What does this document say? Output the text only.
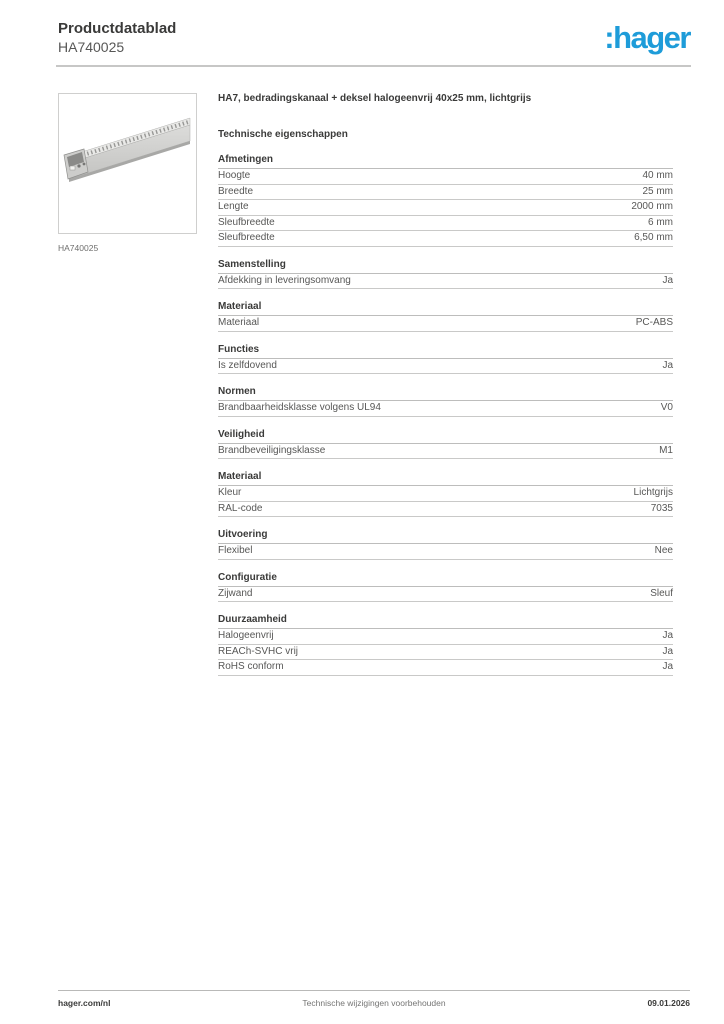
Productdatablad
HA740025	:hager
HA740025
HA7, bedradingskanaal + deksel halogeenvrij 40x25 mm, lichtgrijs
Technische eigenschappen
Afmetingen
Hoogte	40 mm
Breedte	25 mm
Lengte	2000 mm
Sleufbreedte	6 mm
Sleufbreedte	6,50 mm
Samenstelling
Afdekking in leveringsomvang	Ja
Materiaal
Materiaal	PC-ABS
Functies
Is zelfdovend	Ja
Normen
Brandbaarheidsklasse volgens UL94	V0
Veiligheid
Brandbeveiligingsklasse	M1
Materiaal
Kleur	Lichtgrijs
RAL-code	7035
Uitvoering
Flexibel	Nee
Configuratie
Zijwand	Sleuf
Duurzaamheid
Halogeenvrij	Ja
REACh-SVHC vrij	Ja
RoHS conform	Ja
hager.com/nl	Technische wijzigingen voorbehouden	09.01.2026
